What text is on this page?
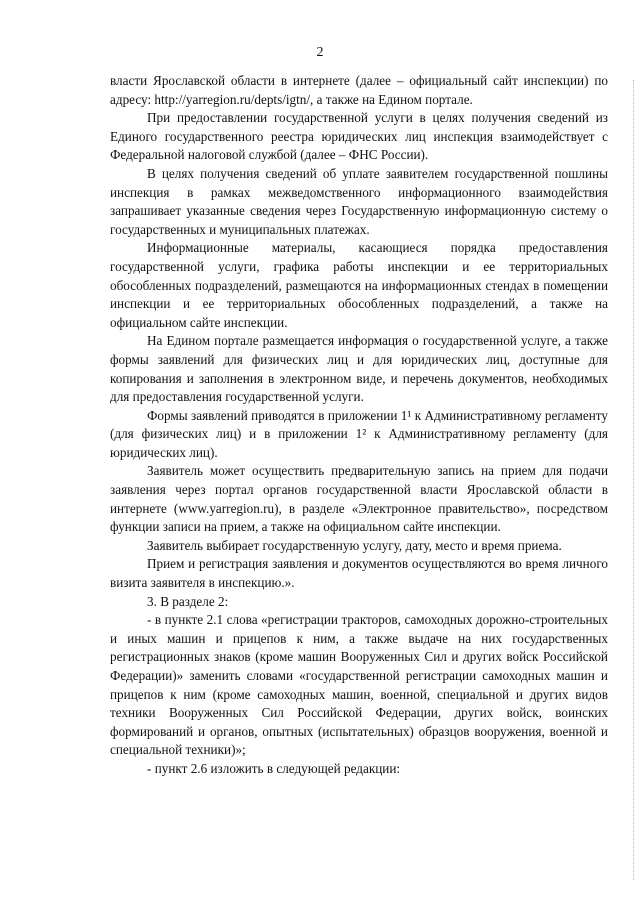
2

власти Ярославской области в интернете (далее – официальный сайт инспекции) по адресу: http://yarregion.ru/depts/igtn/, а также на Едином портале.

При предоставлении государственной услуги в целях получения сведений из Единого государственного реестра юридических лиц инспекция взаимодействует с Федеральной налоговой службой (далее – ФНС России).

В целях получения сведений об уплате заявителем государственной пошлины инспекция в рамках межведомственного информационного взаимодействия запрашивает указанные сведения через Государственную информационную систему о государственных и муниципальных платежах.

Информационные материалы, касающиеся порядка предоставления государственной услуги, графика работы инспекции и ее территориальных обособленных подразделений, размещаются на информационных стендах в помещении инспекции и ее территориальных обособленных подразделений, а также на официальном сайте инспекции.

На Едином портале размещается информация о государственной услуге, а также формы заявлений для физических лиц и для юридических лиц, доступные для копирования и заполнения в электронном виде, и перечень документов, необходимых для предоставления государственной услуги.

Формы заявлений приводятся в приложении 1¹ к Административному регламенту (для физических лиц) и в приложении 1² к Административному регламенту (для юридических лиц).

Заявитель может осуществить предварительную запись на прием для подачи заявления через портал органов государственной власти Ярославской области в интернете (www.yarregion.ru), в разделе «Электронное правительство», посредством функции записи на прием, а также на официальном сайте инспекции.

Заявитель выбирает государственную услугу, дату, место и время приема.

Прием и регистрация заявления и документов осуществляются во время личного визита заявителя в инспекцию.».

3. В разделе 2:

- в пункте 2.1 слова «регистрации тракторов, самоходных дорожно-строительных и иных машин и прицепов к ним, а также выдаче на них государственных регистрационных знаков (кроме машин Вооруженных Сил и других войск Российской Федерации)» заменить словами «государственной регистрации самоходных машин и прицепов к ним (кроме самоходных машин, военной, специальной и других видов техники Вооруженных Сил Российской Федерации, других войск, воинских формирований и органов, опытных (испытательных) образцов вооружения, военной и специальной техники)»;

- пункт 2.6 изложить в следующей редакции:
